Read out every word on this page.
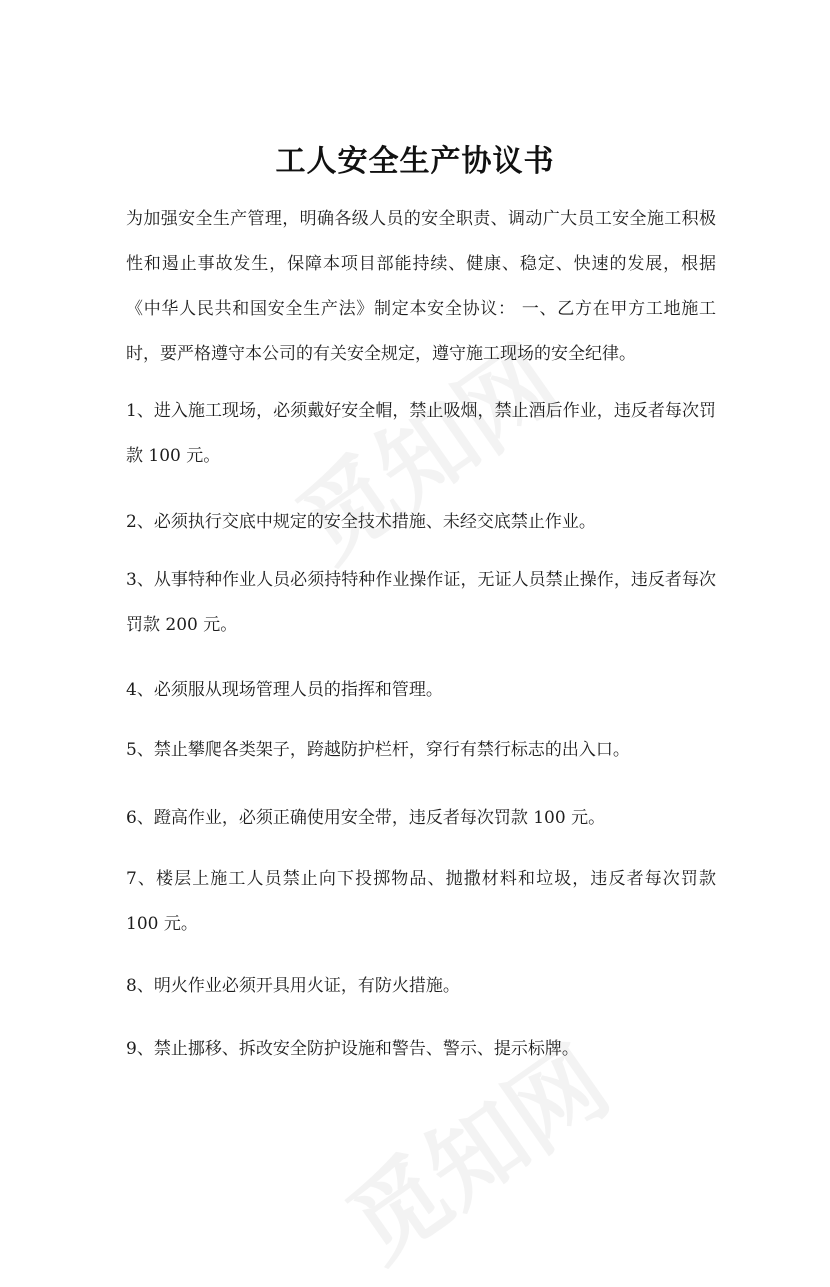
工人安全生产协议书

为加强安全生产管理，明确各级人员的安全职责、调动广大员工安全施工积极性和遏止事故发生，保障本项目部能持续、健康、稳定、快速的发展，根据《中华人民共和国安全生产法》制定本安全协议： 一、乙方在甲方工地施工时，要严格遵守本公司的有关安全规定，遵守施工现场的安全纪律。

1、进入施工现场，必须戴好安全帽，禁止吸烟，禁止酒后作业，违反者每次罚款 100 元。

2、必须执行交底中规定的安全技术措施、未经交底禁止作业。

3、从事特种作业人员必须持特种作业操作证，无证人员禁止操作，违反者每次罚款 200 元。

4、必须服从现场管理人员的指挥和管理。

5、禁止攀爬各类架子，跨越防护栏杆，穿行有禁行标志的出入口。

6、蹬高作业，必须正确使用安全带，违反者每次罚款 100 元。

7、楼层上施工人员禁止向下投掷物品、抛撒材料和垃圾，违反者每次罚款 100 元。

8、明火作业必须开具用火证，有防火措施。

9、禁止挪移、拆改安全防护设施和警告、警示、提示标牌。
